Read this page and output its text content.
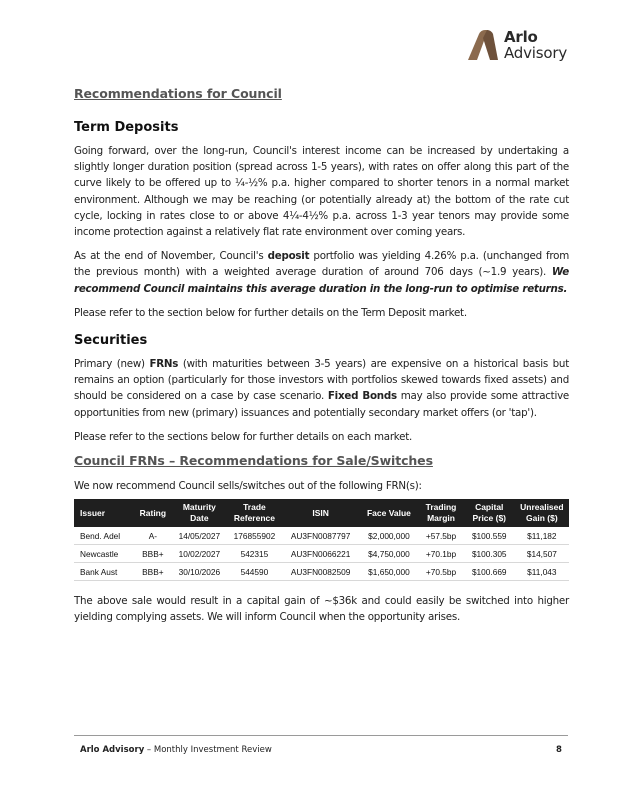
Arlo
Advisory
Recommendations for Council
Term Deposits

Going forward, over the long-run, Council's interest income can be increased by undertaking a slightly longer duration position (spread across 1-5 years), with rates on offer along this part of the curve likely to be offered up to ¼-½% p.a. higher compared to shorter tenors in a normal market environment. Although we may be reaching (or potentially already at) the bottom of the rate cut cycle, locking in rates close to or above 4¼-4½% p.a. across 1-3 year tenors may provide some income protection against a relatively flat rate environment over coming years.

As at the end of November, Council's deposit portfolio was yielding 4.26% p.a. (unchanged from the previous month) with a weighted average duration of around 706 days (~1.9 years). We recommend Council maintains this average duration in the long-run to optimise returns.

Please refer to the section below for further details on the Term Deposit market.

Securities

Primary (new) FRNs (with maturities between 3-5 years) are expensive on a historical basis but remains an option (particularly for those investors with portfolios skewed towards fixed assets) and should be considered on a case by case scenario. Fixed Bonds may also provide some attractive opportunities from new (primary) issuances and potentially secondary market offers (or 'tap').

Please refer to the sections below for further details on each market.

Council FRNs – Recommendations for Sale/Switches

We now recommend Council sells/switches out of the following FRN(s):

Issuer	Rating	Maturity Date	Trade Reference	ISIN	Face Value	Trading Margin	Capital Price ($)	Unrealised Gain ($)
Bend. Adel	A-	14/05/2027	176855902	AU3FN0087797	$2,000,000	+57.5bp	$100.559	$11,182
Newcastle	BBB+	10/02/2027	542315	AU3FN0066221	$4,750,000	+70.1bp	$100.305	$14,507
Bank Aust	BBB+	30/10/2026	544590	AU3FN0082509	$1,650,000	+70.5bp	$100.669	$11,043

The above sale would result in a capital gain of ~$36k and could easily be switched into higher yielding complying assets. We will inform Council when the opportunity arises.

Arlo Advisory – Monthly Investment Review	8
